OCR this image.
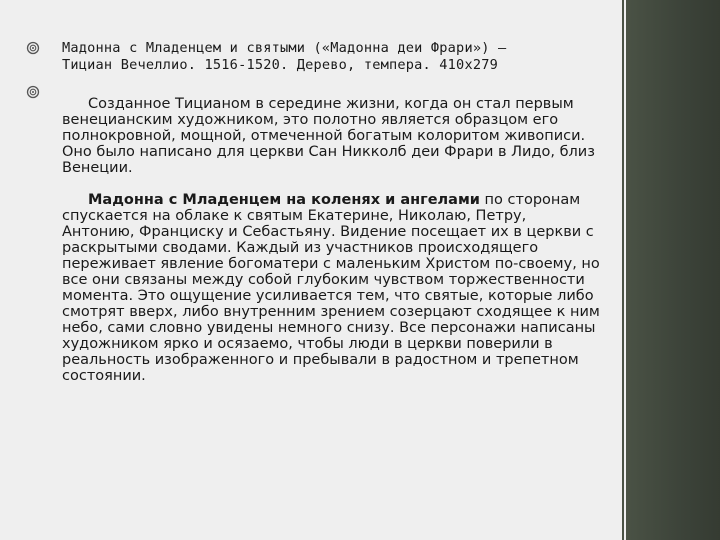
Мадонна с Младенцем и святыми («Мадонна деи Фрари») –
Тициан Вечеллио. 1516-1520. Дерево, темпера. 410x279

Созданное Тицианом в середине жизни, когда он стал первым венецианским художником, это полотно является образцом его полнокровной, мощной, отмеченной богатым колоритом живописи. Оно было написано для церкви Сан Никколб деи Фрари в Лидо, близ Венеции.

Мадонна с Младенцем на коленях и ангелами по сторонам спускается на облаке к святым Екатерине, Николаю, Петру, Антонию, Франциску и Себастьяну. Видение посещает их в церкви с раскрытыми сводами. Каждый из участников происходящего переживает явление богоматери с маленьким Христом по-своему, но все они связаны между собой глубоким чувством торжественности момента. Это ощущение усиливается тем, что святые, которые либо смотрят вверх, либо внутренним зрением созерцают сходящее к ним небо, сами словно увидены немного снизу. Все персонажи написаны художником ярко и осязаемо, чтобы люди в церкви поверили в реальность изображенного и пребывали в радостном и трепетном состоянии.
